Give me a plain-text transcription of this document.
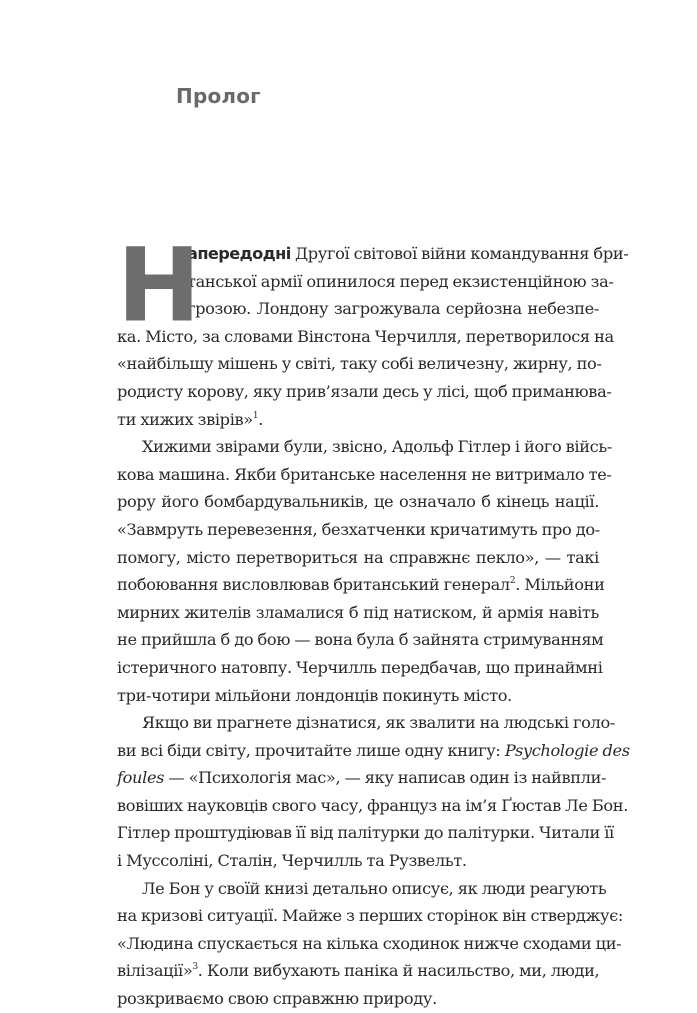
Пролог
Н
апередодні Другої світової війни командування бри-
танської армії опинилося перед екзистенційною за-
грозою. Лондону загрожувала серйозна небезпе-
ка. Місто, за словами Вінстона Черчилля, перетворилося на
«найбільшу мішень у світі, таку собі величезну, жирну, по-
родисту корову, яку прив’язали десь у лісі, щоб приманюва-
ти хижих звірів»$^1$.
Хижими звірами були, звісно, Адольф Гітлер і його війсь-
кова машина. Якби британське населення не витримало те-
рору його бомбардувальників, це означало б кінець нації.
«Завмруть перевезення, безхатченки кричатимуть про до-
помогу, місто перетвориться на справжнє пекло», — такі
побоювання висловлював британський генерал$^2$. Мільйони
мирних жителів зламалися б під натиском, й армія навіть
не прийшла б до бою — вона була б зайнята стримуванням
істеричного натовпу. Черчилль передбачав, що принаймні
три-чотири мільйони лондонців покинуть місто.
Якщо ви прагнете дізнатися, як звалити на людські голо-
ви всі біди світу, прочитайте лише одну книгу: Psychologie des
foules — «Психологія мас», — яку написав один із найвпли-
вовіших науковців свого часу, француз на ім’я Ґюстав Ле Бон.
Гітлер проштудіював її від палітурки до палітурки. Читали її
і Муссоліні, Сталін, Черчилль та Рузвельт.
Ле Бон у своїй книзі детально описує, як люди реагують
на кризові ситуації. Майже з перших сторінок він стверджує:
«Людина спускається на кілька сходинок нижче сходами ци-
вілізації»$^3$. Коли вибухають паніка й насильство, ми, люди,
розкриваємо свою справжню природу.
